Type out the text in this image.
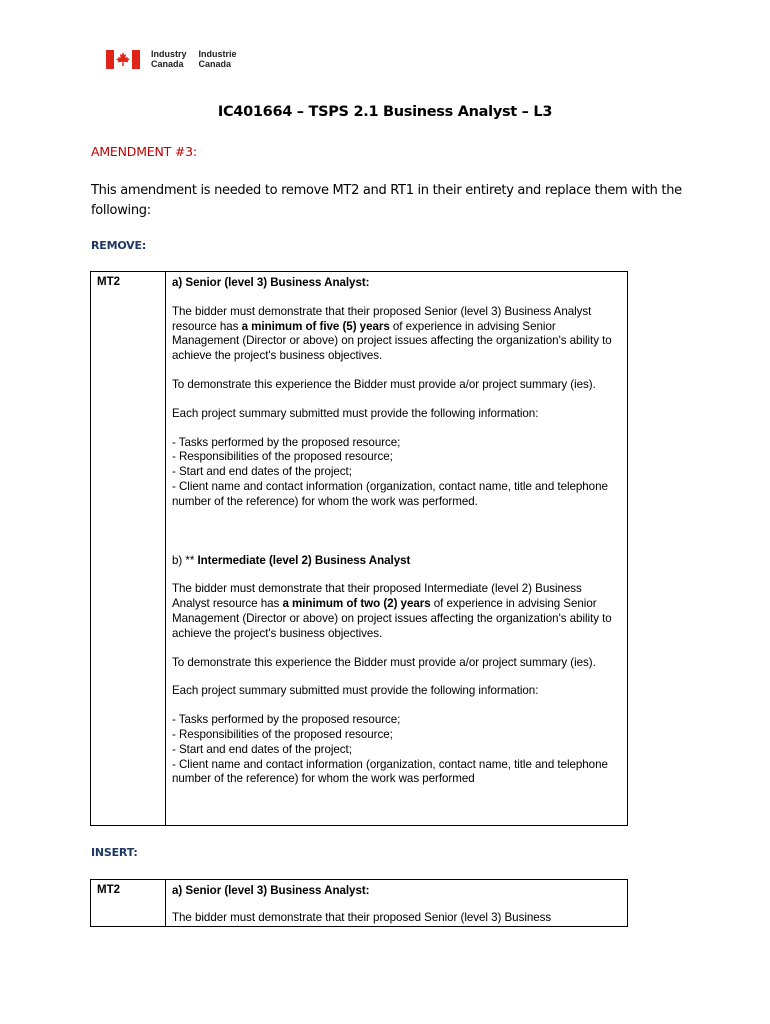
Industry
Canada
Industrie
Canada
IC401664 – TSPS 2.1 Business Analyst – L3
AMENDMENT #3:
This amendment is needed to remove MT2 and RT1 in their entirety and replace them with the following:
REMOVE:
MT2	a) Senior (level 3) Business Analyst:

The bidder must demonstrate that their proposed Senior (level 3) Business Analyst resource has a minimum of five (5) years of experience in advising Senior Management (Director or above) on project issues affecting the organization's ability to achieve the project's business objectives.

To demonstrate this experience the Bidder must provide a/or project summary (ies).

Each project summary submitted must provide the following information:

- Tasks performed by the proposed resource;
- Responsibilities of the proposed resource;
- Start and end dates of the project;
- Client name and contact information (organization, contact name, title and telephone number of the reference) for whom the work was performed.

b) ** Intermediate (level 2) Business Analyst

The bidder must demonstrate that their proposed Intermediate (level 2) Business Analyst resource has a minimum of two (2) years of experience in advising Senior Management (Director or above) on project issues affecting the organization's ability to achieve the project's business objectives.

To demonstrate this experience the Bidder must provide a/or project summary (ies).

Each project summary submitted must provide the following information:

- Tasks performed by the proposed resource;
- Responsibilities of the proposed resource;
- Start and end dates of the project;
- Client name and contact information (organization, contact name, title and telephone number of the reference) for whom the work was performed
INSERT:
MT2	a) Senior (level 3) Business Analyst:

The bidder must demonstrate that their proposed Senior (level 3) Business
